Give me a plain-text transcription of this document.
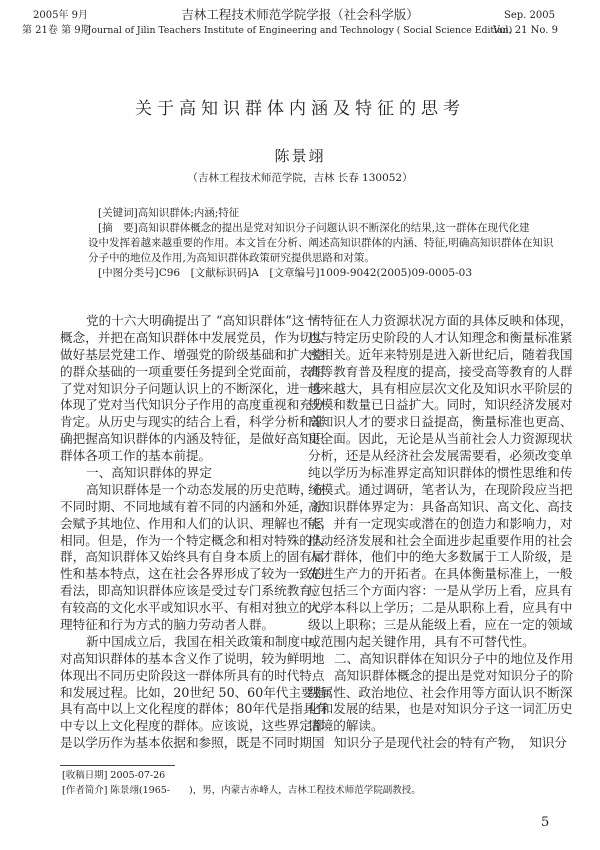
2005年 9月
第 21卷 第 9期
吉林工程技术师范学院学报（社会科学版）
Journal of Jilin Teachers Institute of Engineering and Technology ( Social Science Edition)
Sep. 2005
Vol. 21 No. 9
关于高知识群体内涵及特征的思考
陈景翊
（吉林工程技术师范学院，吉林 长春 130052）
[关键词]高知识群体;内涵;特征
[摘　要]高知识群体概念的提出是党对知识分子问题认识不断深化的结果,这一群体在现代化建
设中发挥着越来越重要的作用。本文旨在分析、阐述高知识群体的内涵、特征,明确高知识群体在知识
分子中的地位及作用,为高知识群体政策研究提供思路和对策。
[中图分类号]C96　[文献标识码]A　[文章编号]1009-9042(2005)09-0005-03
党的十六大明确提出了 “高知识群体”这一
概念，并把在高知识群体中发展党员，作为切实
做好基层党建工作、增强党的阶级基础和扩大党
的群众基础的一项重要任务提到全党面前，表明
了党对知识分子问题认识上的不断深化，进一步
体现了党对当代知识分子作用的高度重视和充分
肯定。从历史与现实的结合上看，科学分析和准
确把握高知识群体的内涵及特征，是做好高知识
群体各项工作的基本前提。
一、高知识群体的界定
高知识群体是一个动态发展的历史范畴，在
不同时期、不同地域有着不同的内涵和外延，社
会赋予其地位、作用和人们的认识、理解也不尽
相同。但是，作为一个特定概念和相对特殊的人
群，高知识群体又始终具有自身本质上的固有属
性和基本特点，这在社会各界形成了较为一致的
看法，即高知识群体应该是受过专门系统教育、
有较高的文化水平或知识水平、有相对独立的心
理特征和行为方式的脑力劳动者人群。
新中国成立后，我国在相关政策和制度中，
对高知识群体的基本含义作了说明，较为鲜明地
体现出不同历史阶段这一群体所具有的时代特点
和发展过程。比如，20世纪 50、60年代主要指
具有高中以上文化程度的群体；80年代是指具有
中专以上文化程度的群体。应该说，这些界定都
是以学历作为基本依据和参照，既是不同时期国
情特征在人力资源状况方面的具体反映和体现，
也与特定历史阶段的人才认知理念和衡量标准紧
密相关。近年来特别是进入新世纪后，随着我国
高等教育普及程度的提高，接受高等教育的人群
越来越大，具有相应层次文化及知识水平阶层的
规模和数量已日益扩大。同时，知识经济发展对
高知识人才的要求日益提高，衡量标准也更高、
更全面。因此，无论是从当前社会人力资源现状
分析，还是从经济社会发展需要看，必须改变单
纯以学历为标准界定高知识群体的惯性思维和传
统模式。通过调研，笔者认为，在现阶段应当把
高知识群体界定为：具备高知识、高文化、高技
能，并有一定现实或潜在的创造力和影响力，对
推动经济发展和社会全面进步起重要作用的社会
人才群体，他们中的绝大多数属于工人阶级，是
先进生产力的开拓者。在具体衡量标准上，一般
应包括三个方面内容：一是从学历上看，应具有
大学本科以上学历；二是从职称上看，应具有中
级以上职称；三是从能级上看，应在一定的领域
或范围内起关键作用，具有不可替代性。
二、高知识群体在知识分子中的地位及作用
高知识群体概念的提出是党对知识分子的阶
级属性、政治地位、社会作用等方面认识不断深
化和发展的结果，也是对知识分子这一词汇历史
语境的解读。
知识分子是现代社会的特有产物，　知识分
[收稿日期] 2005-07-26
[作者简介] 陈景翊(1965-　　)，男，内蒙古赤峰人，吉林工程技术师范学院副教授。
5
